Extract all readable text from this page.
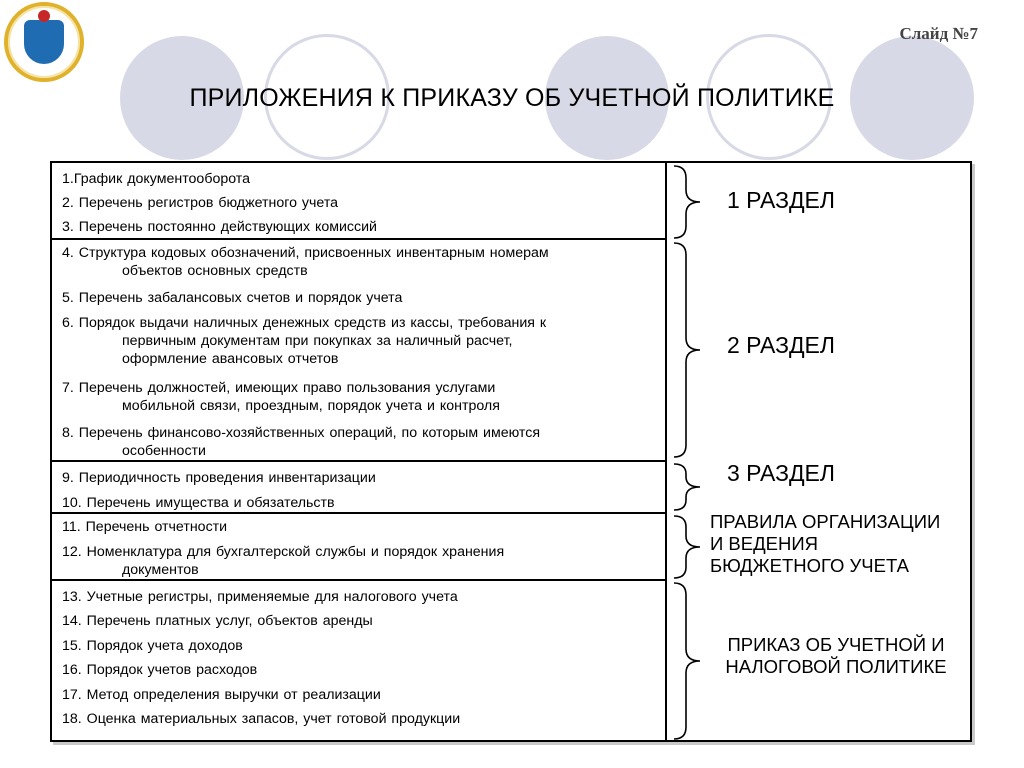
Слайд №7
ПРИЛОЖЕНИЯ К ПРИКАЗУ ОБ УЧЕТНОЙ ПОЛИТИКЕ
1.График документооборота
2. Перечень регистров бюджетного учета
3. Перечень постоянно действующих комиссий
4. Структура кодовых обозначений, присвоенных инвентарным номерам
объектов основных средств
5. Перечень забалансовых счетов и порядок учета
6. Порядок выдачи наличных денежных средств из кассы, требования к
первичным документам при покупках за наличный расчет,
оформление авансовых отчетов
7. Перечень должностей, имеющих право пользования услугами
мобильной связи, проездным, порядок учета и контроля
8. Перечень финансово-хозяйственных операций, по которым имеются
особенности
9. Периодичность проведения инвентаризации
10. Перечень имущества и обязательств
11. Перечень отчетности
12. Номенклатура для бухгалтерской службы и порядок хранения
документов
13. Учетные регистры, применяемые для налогового учета
14. Перечень платных услуг, объектов аренды
15. Порядок учета доходов
16. Порядок учетов расходов
17. Метод определения выручки от реализации
18. Оценка материальных запасов, учет готовой продукции
1 РАЗДЕЛ
2 РАЗДЕЛ
3 РАЗДЕЛ
ПРАВИЛА ОРГАНИЗАЦИИ
И ВЕДЕНИЯ
БЮДЖЕТНОГО УЧЕТА
ПРИКАЗ ОБ УЧЕТНОЙ И
НАЛОГОВОЙ ПОЛИТИКЕ
